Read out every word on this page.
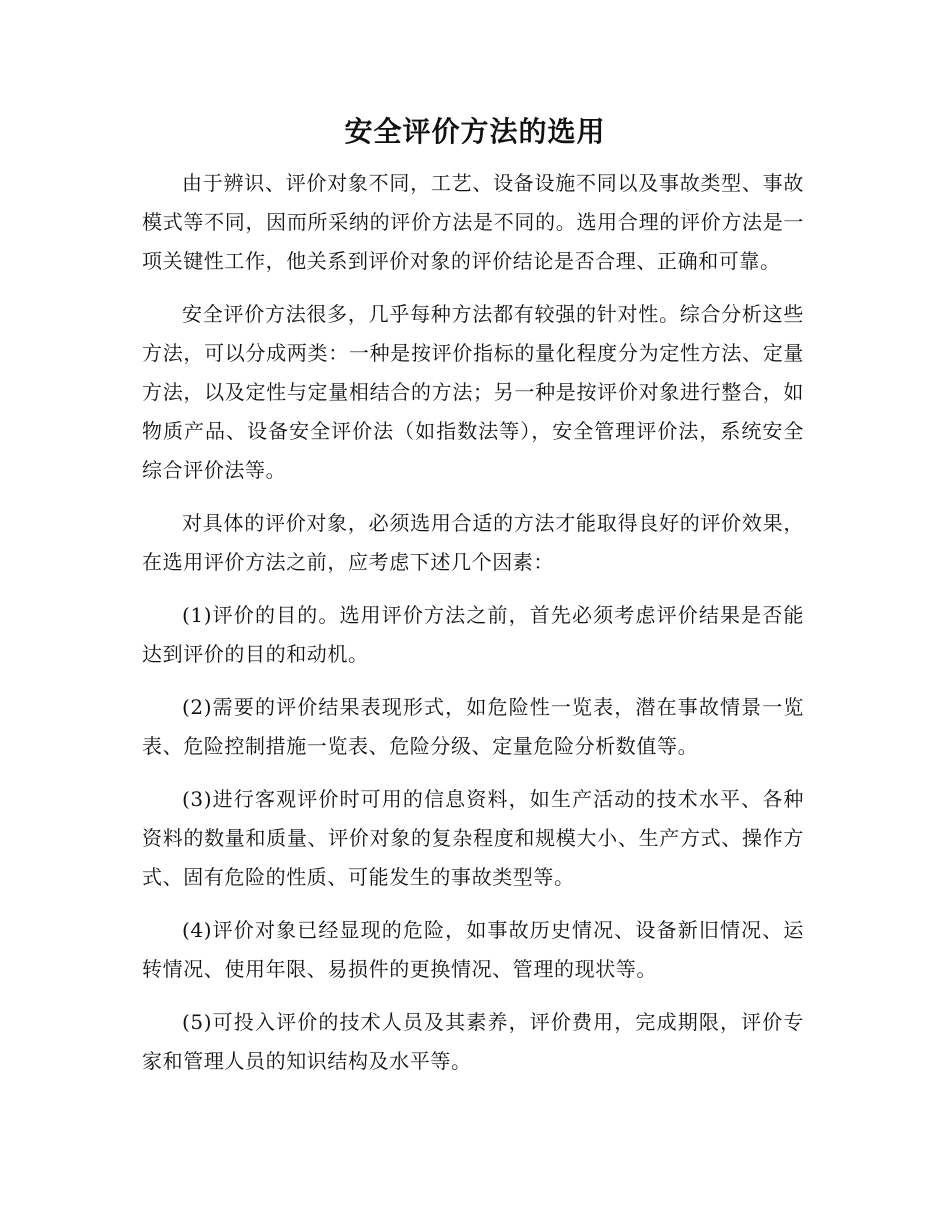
安全评价方法的选用

由于辨识、评价对象不同，工艺、设备设施不同以及事故类型、事故模式等不同，因而所采纳的评价方法是不同的。选用合理的评价方法是一项关键性工作，他关系到评价对象的评价结论是否合理、正确和可靠。

安全评价方法很多，几乎每种方法都有较强的针对性。综合分析这些方法，可以分成两类：一种是按评价指标的量化程度分为定性方法、定量方法，以及定性与定量相结合的方法；另一种是按评价对象进行整合，如物质产品、设备安全评价法（如指数法等），安全管理评价法，系统安全综合评价法等。

对具体的评价对象，必须选用合适的方法才能取得良好的评价效果，在选用评价方法之前，应考虑下述几个因素：

(1)评价的目的。选用评价方法之前，首先必须考虑评价结果是否能达到评价的目的和动机。

(2)需要的评价结果表现形式，如危险性一览表，潜在事故情景一览表、危险控制措施一览表、危险分级、定量危险分析数值等。

(3)进行客观评价时可用的信息资料，如生产活动的技术水平、各种资料的数量和质量、评价对象的复杂程度和规模大小、生产方式、操作方式、固有危险的性质、可能发生的事故类型等。

(4)评价对象已经显现的危险，如事故历史情况、设备新旧情况、运转情况、使用年限、易损件的更换情况、管理的现状等。

(5)可投入评价的技术人员及其素养，评价费用，完成期限，评价专家和管理人员的知识结构及水平等。
